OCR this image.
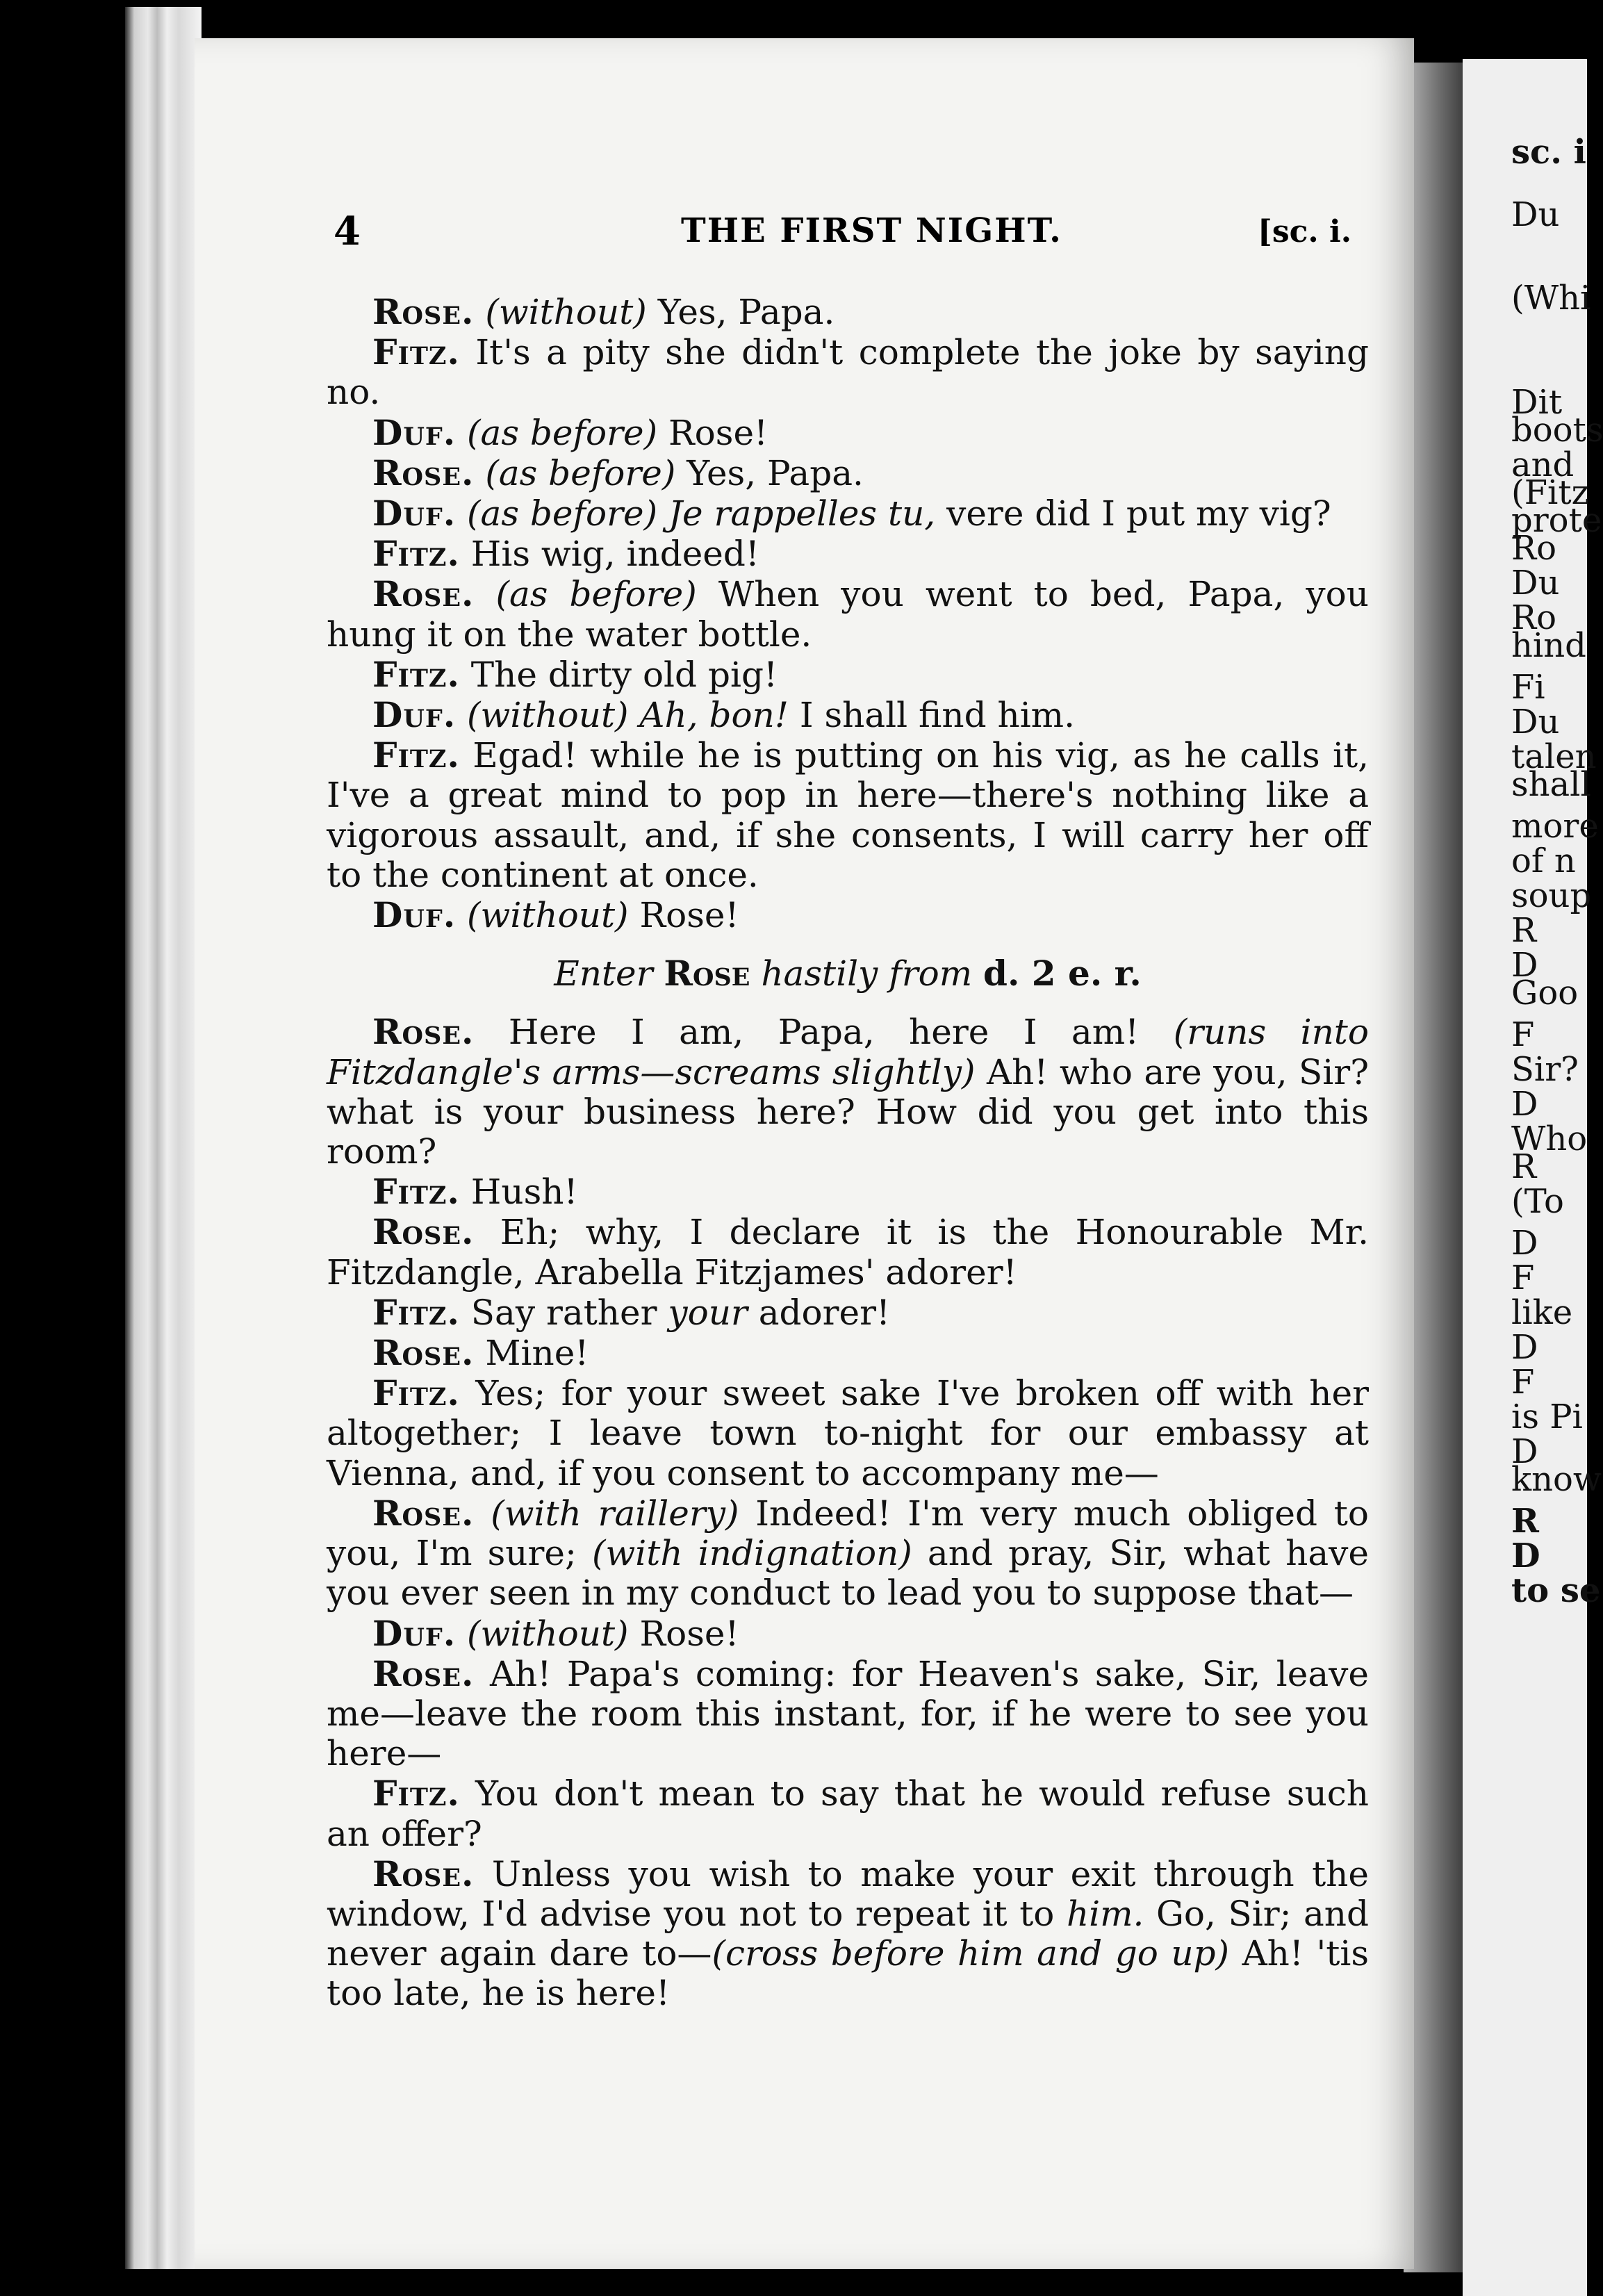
4	THE FIRST NIGHT.	[sc. i.

Rose. (without) Yes, Papa.

Fitz. It's a pity she didn't complete the joke by saying no.

Duf. (as before) Rose!

Rose. (as before) Yes, Papa.

Duf. (as before) Je rappelles tu, vere did I put my vig?

Fitz. His wig, indeed!

Rose. (as before) When you went to bed, Papa, you hung it on the water bottle.

Fitz. The dirty old pig!

Duf. (without) Ah, bon! I shall find him.

Fitz. Egad! while he is putting on his vig, as he calls it, I've a great mind to pop in here—there's nothing like a vigorous assault, and, if she consents, I will carry her off to the continent at once.

Duf. (without) Rose!

Enter Rose hastily from d. 2 e. r.

Rose. Here I am, Papa, here I am! (runs into Fitzdangle's arms—screams slightly) Ah! who are you, Sir? what is your business here? How did you get into this room?

Fitz. Hush!

Rose. Eh; why, I declare it is the Honourable Mr. Fitzdangle, Arabella Fitzjames' adorer!

Fitz. Say rather your adorer!

Rose. Mine!

Fitz. Yes; for your sweet sake I've broken off with her altogether; I leave town to-night for our embassy at Vienna, and, if you consent to accompany me—

Rose. (with raillery) Indeed! I'm very much obliged to you, I'm sure; (with indignation) and pray, Sir, what have you ever seen in my conduct to lead you to suppose that—

Duf. (without) Rose!

Rose. Ah! Papa's coming: for Heaven's sake, Sir, leave me—leave the room this instant, for, if he were to see you here—

Fitz. You don't mean to say that he would refuse such an offer?

Rose. Unless you wish to make your exit through the window, I'd advise you not to repeat it to him. Go, Sir; and never again dare to—(cross before him and go up) Ah! 'tis too late, he is here!

sc. i
Du
(Whi
Dit
boots
and
(Fitz
prote
Ro
Du
Ro
hind
Fi
Du
talen
shall
more
of n
soup
R
D
Goo
F
Sir?
D
Who
R
(To
D
F
like
D
F
is Pi
D
know
R
D
to se
